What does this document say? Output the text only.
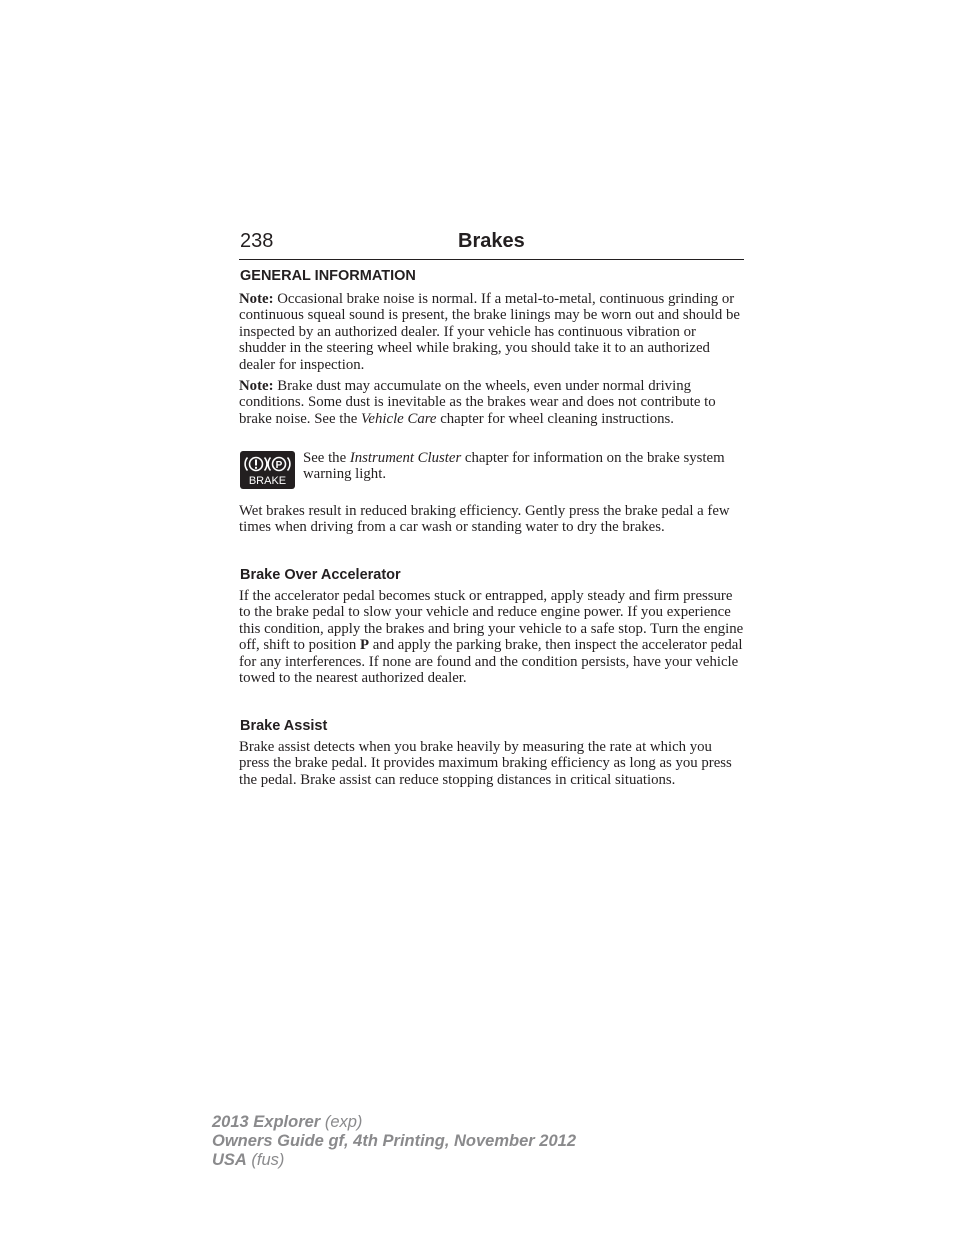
238	Brakes
GENERAL INFORMATION

Note: Occasional brake noise is normal. If a metal-to-metal, continuous grinding or continuous squeal sound is present, the brake linings may be worn out and should be inspected by an authorized dealer. If your vehicle has continuous vibration or shudder in the steering wheel while braking, you should take it to an authorized dealer for inspection.

Note: Brake dust may accumulate on the wheels, even under normal driving conditions. Some dust is inevitable as the brakes wear and does not contribute to brake noise. See the Vehicle Care chapter for wheel cleaning instructions.

P
BRAKE

See the Instrument Cluster chapter for information on the brake system warning light.

Wet brakes result in reduced braking efficiency. Gently press the brake pedal a few times when driving from a car wash or standing water to dry the brakes.

Brake Over Accelerator

If the accelerator pedal becomes stuck or entrapped, apply steady and firm pressure to the brake pedal to slow your vehicle and reduce engine power. If you experience this condition, apply the brakes and bring your vehicle to a safe stop. Turn the engine off, shift to position P and apply the parking brake, then inspect the accelerator pedal for any interferences. If none are found and the condition persists, have your vehicle towed to the nearest authorized dealer.

Brake Assist

Brake assist detects when you brake heavily by measuring the rate at which you press the brake pedal. It provides maximum braking efficiency as long as you press the pedal. Brake assist can reduce stopping distances in critical situations.

2013 Explorer (exp)
Owners Guide gf, 4th Printing, November 2012
USA (fus)
